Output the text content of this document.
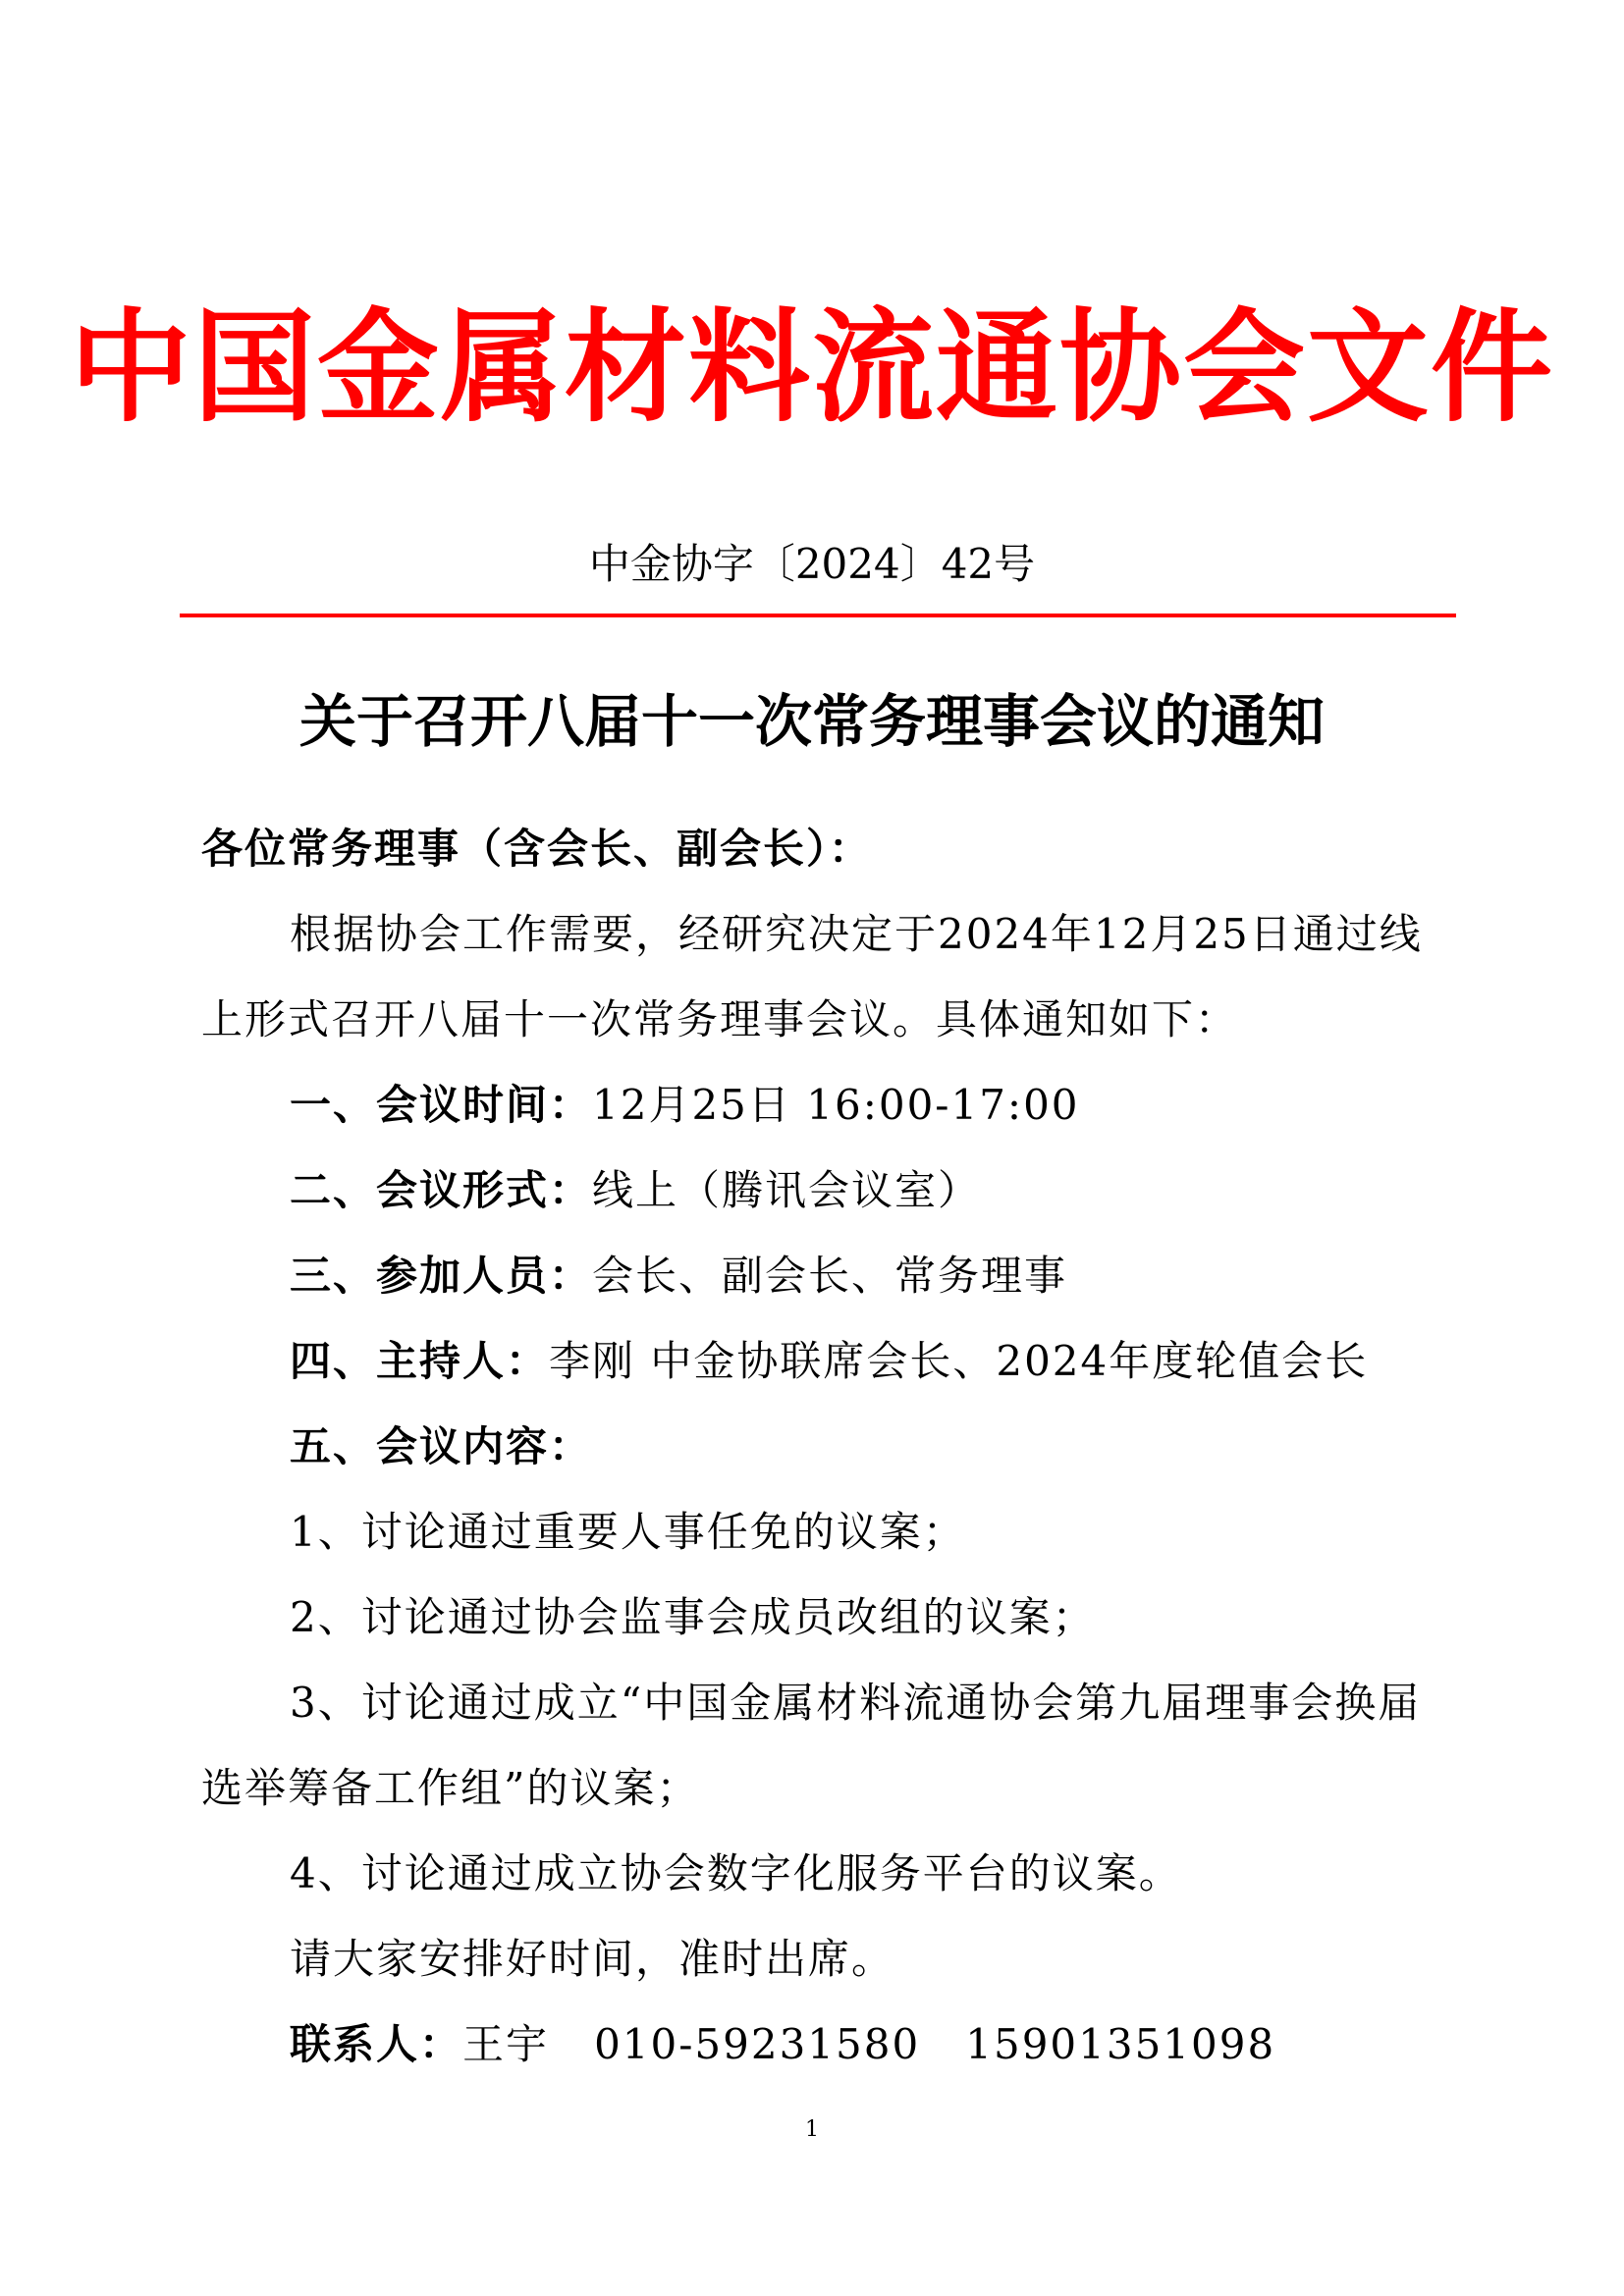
中国金属材料流通协会文件
中金协字〔2024〕42号
关于召开八届十一次常务理事会议的通知
各位常务理事（含会长、副会长）：
根据协会工作需要，经研究决定于2024年12月25日通过线
上形式召开八届十一次常务理事会议。具体通知如下：
一、会议时间：12月25日 16:00-17:00
二、会议形式：线上（腾讯会议室）
三、参加人员：会长、副会长、常务理事
四、主持人：李刚 中金协联席会长、2024年度轮值会长
五、会议内容：
1、讨论通过重要人事任免的议案；
2、讨论通过协会监事会成员改组的议案；
3、讨论通过成立“中国金属材料流通协会第九届理事会换届
选举筹备工作组”的议案；
4、讨论通过成立协会数字化服务平台的议案。
请大家安排好时间，准时出席。
联系人：王宇   010-59231580   15901351098
1
